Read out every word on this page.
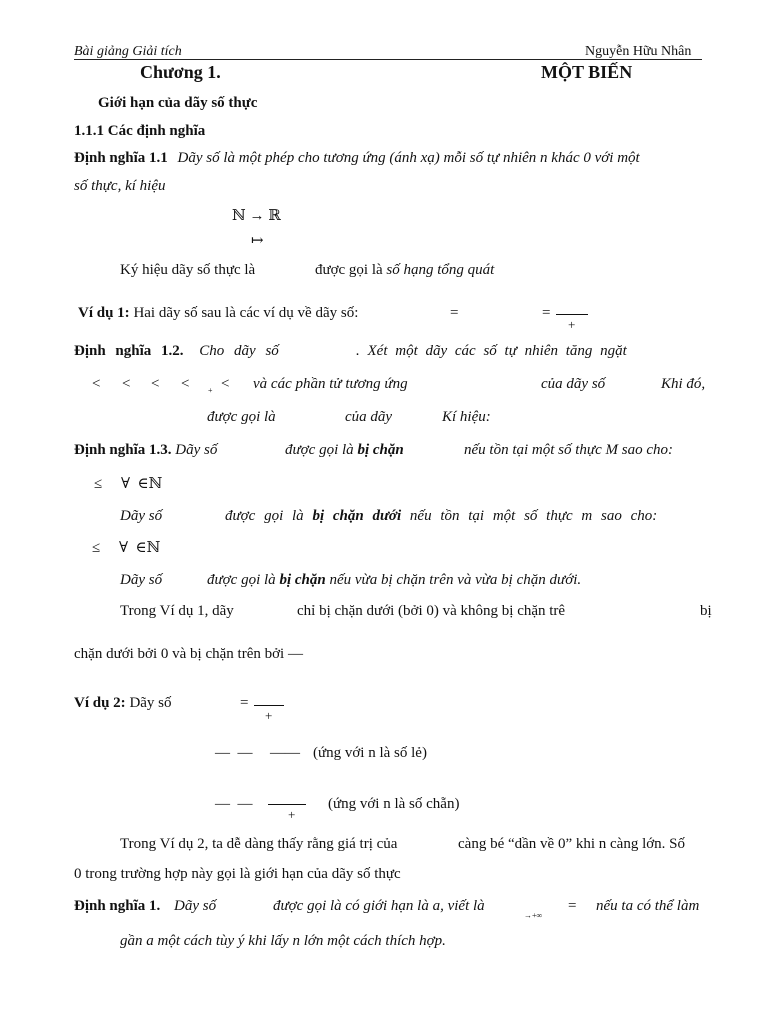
Bài giảng Giải tích	Nguyễn Hữu Nhân
Chương 1.	MỘT BIẾN
Giới hạn của dãy số thực
1.1.1 Các định nghĩa
Định nghĩa 1.1 Dãy số là một phép cho tương ứng (ánh xạ) mỗi số tự nhiên n khác 0 với một
số thực, kí hiệu
ℕ → ℝ
↦
Ký hiệu dãy số thực là	được gọi là số hạng tổng quát
Ví dụ 1: Hai dãy số sau là các ví dụ về dãy số:	=	=
+
Định nghĩa 1.2. Cho dãy số	. Xét một dãy các số tự nhiên tăng ngặt
< < < < + < và các phần tử tương ứng	của dãy số	Khi đó,
được gọi là	của dãy	Kí hiệu:
Định nghĩa 1.3. Dãy số	được gọi là bị chặn	nếu tồn tại một số thực M sao cho:
≤     ∀  ∈ℕ
Dãy số	được gọi là bị chặn dưới nếu tồn tại một số thực m sao cho:
≤     ∀  ∈ℕ
Dãy số	được gọi là bị chặn nếu vừa bị chặn trên và vừa bị chặn dưới.
Trong Ví dụ 1, dãy	chỉ bị chặn dưới (bởi 0) và không bị chặn trê	bị
chặn dưới bởi 0 và bị chặn trên bởi —
Ví dụ 2: Dãy số	=
+
—  — —— (ứng với n là số lẻ)
—  —
+
(ứng với n là số chẵn)
Trong Ví dụ 2, ta dễ dàng thấy rằng giá trị của	càng bé “dần về 0” khi n càng lớn. Số
0 trong trường hợp này gọi là giới hạn của dãy số thực
Định nghĩa 1. Dãy số	được gọi là có giới hạn là a, viết là
→+∞
= nếu ta có thể làm
gần a một cách tùy ý khi lấy n lớn một cách thích hợp.
